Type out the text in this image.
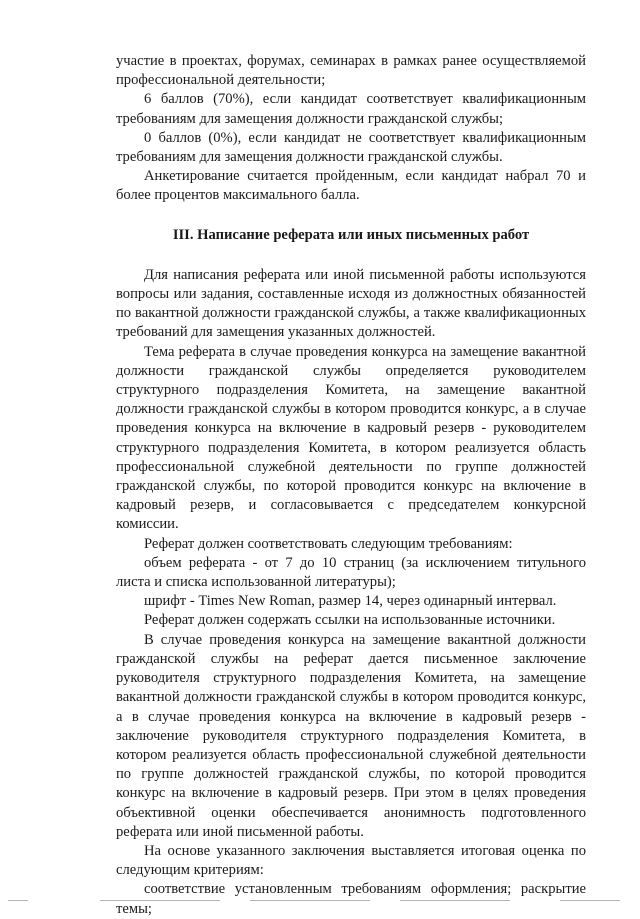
участие в проектах, форумах, семинарах в рамках ранее осуществляемой профессиональной деятельности;

6 баллов (70%), если кандидат соответствует квалификационным требованиям для замещения должности гражданской службы;

0 баллов (0%), если кандидат не соответствует квалификационным требованиям для замещения должности гражданской службы.

Анкетирование считается пройденным, если кандидат набрал 70 и более процентов максимального балла.

III. Написание реферата или иных письменных работ

Для написания реферата или иной письменной работы используются вопросы или задания, составленные исходя из должностных обязанностей по вакантной должности гражданской службы, а также квалификационных требований для замещения указанных должностей.

Тема реферата в случае проведения конкурса на замещение вакантной должности гражданской службы определяется руководителем структурного подразделения Комитета, на замещение вакантной должности гражданской службы в котором проводится конкурс, а в случае проведения конкурса на включение в кадровый резерв - руководителем структурного подразделения Комитета, в котором реализуется область профессиональной служебной деятельности по группе должностей гражданской службы, по которой проводится конкурс на включение в кадровый резерв, и согласовывается с председателем конкурсной комиссии.

Реферат должен соответствовать следующим требованиям:

объем реферата - от 7 до 10 страниц (за исключением титульного листа и списка использованной литературы);

шрифт - Times New Roman, размер 14, через одинарный интервал.

Реферат должен содержать ссылки на использованные источники.

В случае проведения конкурса на замещение вакантной должности гражданской службы на реферат дается письменное заключение руководителя структурного подразделения Комитета, на замещение вакантной должности гражданской службы в котором проводится конкурс, а в случае проведения конкурса на включение в кадровый резерв - заключение руководителя структурного подразделения Комитета, в котором реализуется область профессиональной служебной деятельности по группе должностей гражданской службы, по которой проводится конкурс на включение в кадровый резерв. При этом в целях проведения объективной оценки обеспечивается анонимность подготовленного реферата или иной письменной работы.

На основе указанного заключения выставляется итоговая оценка по следующим критериям:

соответствие установленным требованиям оформления; раскрытие темы;
